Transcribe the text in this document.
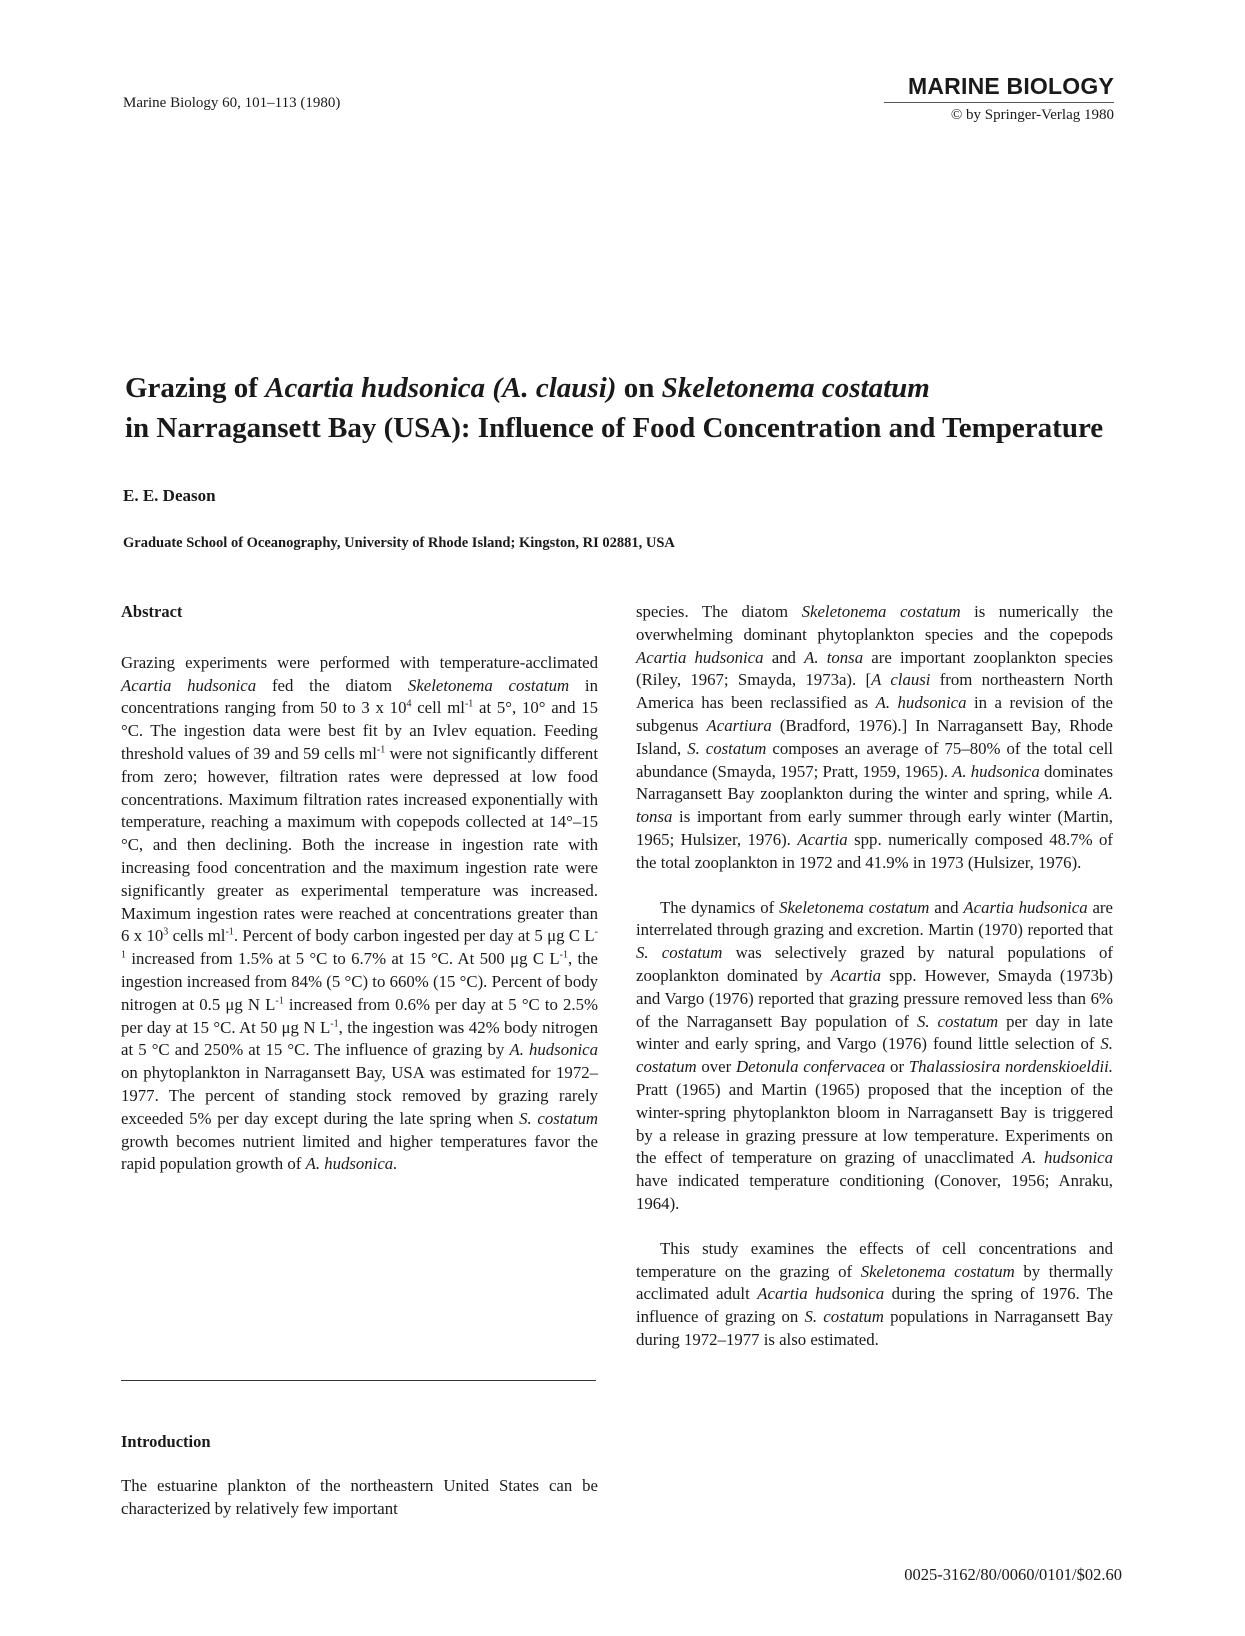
Marine Biology 60, 101–113 (1980)
MARINE BIOLOGY
© by Springer-Verlag 1980
Grazing of Acartia hudsonica (A. clausi) on Skeletonema costatum
in Narragansett Bay (USA): Influence of Food Concentration and Temperature
E. E. Deason
Graduate School of Oceanography, University of Rhode Island; Kingston, RI 02881, USA
Abstract

Grazing experiments were performed with temperature-acclimated Acartia hudsonica fed the diatom Skeletonema costatum in concentrations ranging from 50 to 3 x $10^4$ cell $ml^{-1}$ at 5°, 10° and 15 °C. The ingestion data were best fit by an Ivlev equation. Feeding threshold values of 39 and 59 cells $ml^{-1}$ were not significantly different from zero; however, filtration rates were depressed at low food concentrations. Maximum filtration rates increased exponentially with temperature, reaching a maximum with copepods collected at 14°–15 °C, and then declining. Both the increase in ingestion rate with increasing food concentration and the maximum ingestion rate were significantly greater as experimental temperature was increased. Maximum ingestion rates were reached at concentrations greater than 6 x $10^3$ cells $ml^{-1}$. Percent of body carbon ingested per day at 5 μg C $L^{-1}$ increased from 1.5% at 5 °C to 6.7% at 15 °C. At 500 μg C $L^{-1}$, the ingestion increased from 84% (5 °C) to 660% (15 °C). Percent of body nitrogen at 0.5 μg N $L^{-1}$ increased from 0.6% per day at 5 °C to 2.5% per day at 15 °C. At 50 μg N $L^{-1}$, the ingestion was 42% body nitrogen at 5 °C and 250% at 15 °C. The influence of grazing by A. hudsonica on phytoplankton in Narragansett Bay, USA was estimated for 1972–1977. The percent of standing stock removed by grazing rarely exceeded 5% per day except during the late spring when S. costatum growth becomes nutrient limited and higher temperatures favor the rapid population growth of A. hudsonica.

Introduction
The estuarine plankton of the northeastern United States can be characterized by relatively few important

species. The diatom Skeletonema costatum is numerically the overwhelming dominant phytoplankton species and the copepods Acartia hudsonica and A. tonsa are important zooplankton species (Riley, 1967; Smayda, 1973a). [A clausi from northeastern North America has been reclassified as A. hudsonica in a revision of the subgenus Acartiura (Bradford, 1976).] In Narragansett Bay, Rhode Island, S. costatum composes an average of 75–80% of the total cell abundance (Smayda, 1957; Pratt, 1959, 1965). A. hudsonica dominates Narragansett Bay zooplankton during the winter and spring, while A. tonsa is important from early summer through early winter (Martin, 1965; Hulsizer, 1976). Acartia spp. numerically composed 48.7% of the total zooplankton in 1972 and 41.9% in 1973 (Hulsizer, 1976).

The dynamics of Skeletonema costatum and Acartia hudsonica are interrelated through grazing and excretion. Martin (1970) reported that S. costatum was selectively grazed by natural populations of zooplankton dominated by Acartia spp. However, Smayda (1973b) and Vargo (1976) reported that grazing pressure removed less than 6% of the Narragansett Bay population of S. costatum per day in late winter and early spring, and Vargo (1976) found little selection of S. costatum over Detonula confervacea or Thalassiosira nordenskioeldii. Pratt (1965) and Martin (1965) proposed that the inception of the winter-spring phytoplankton bloom in Narragansett Bay is triggered by a release in grazing pressure at low temperature. Experiments on the effect of temperature on grazing of unacclimated A. hudsonica have indicated temperature conditioning (Conover, 1956; Anraku, 1964).

This study examines the effects of cell concentrations and temperature on the grazing of Skeletonema costatum by thermally acclimated adult Acartia hudsonica during the spring of 1976. The influence of grazing on S. costatum populations in Narragansett Bay during 1972–1977 is also estimated.

0025-3162/80/0060/0101/$02.60
